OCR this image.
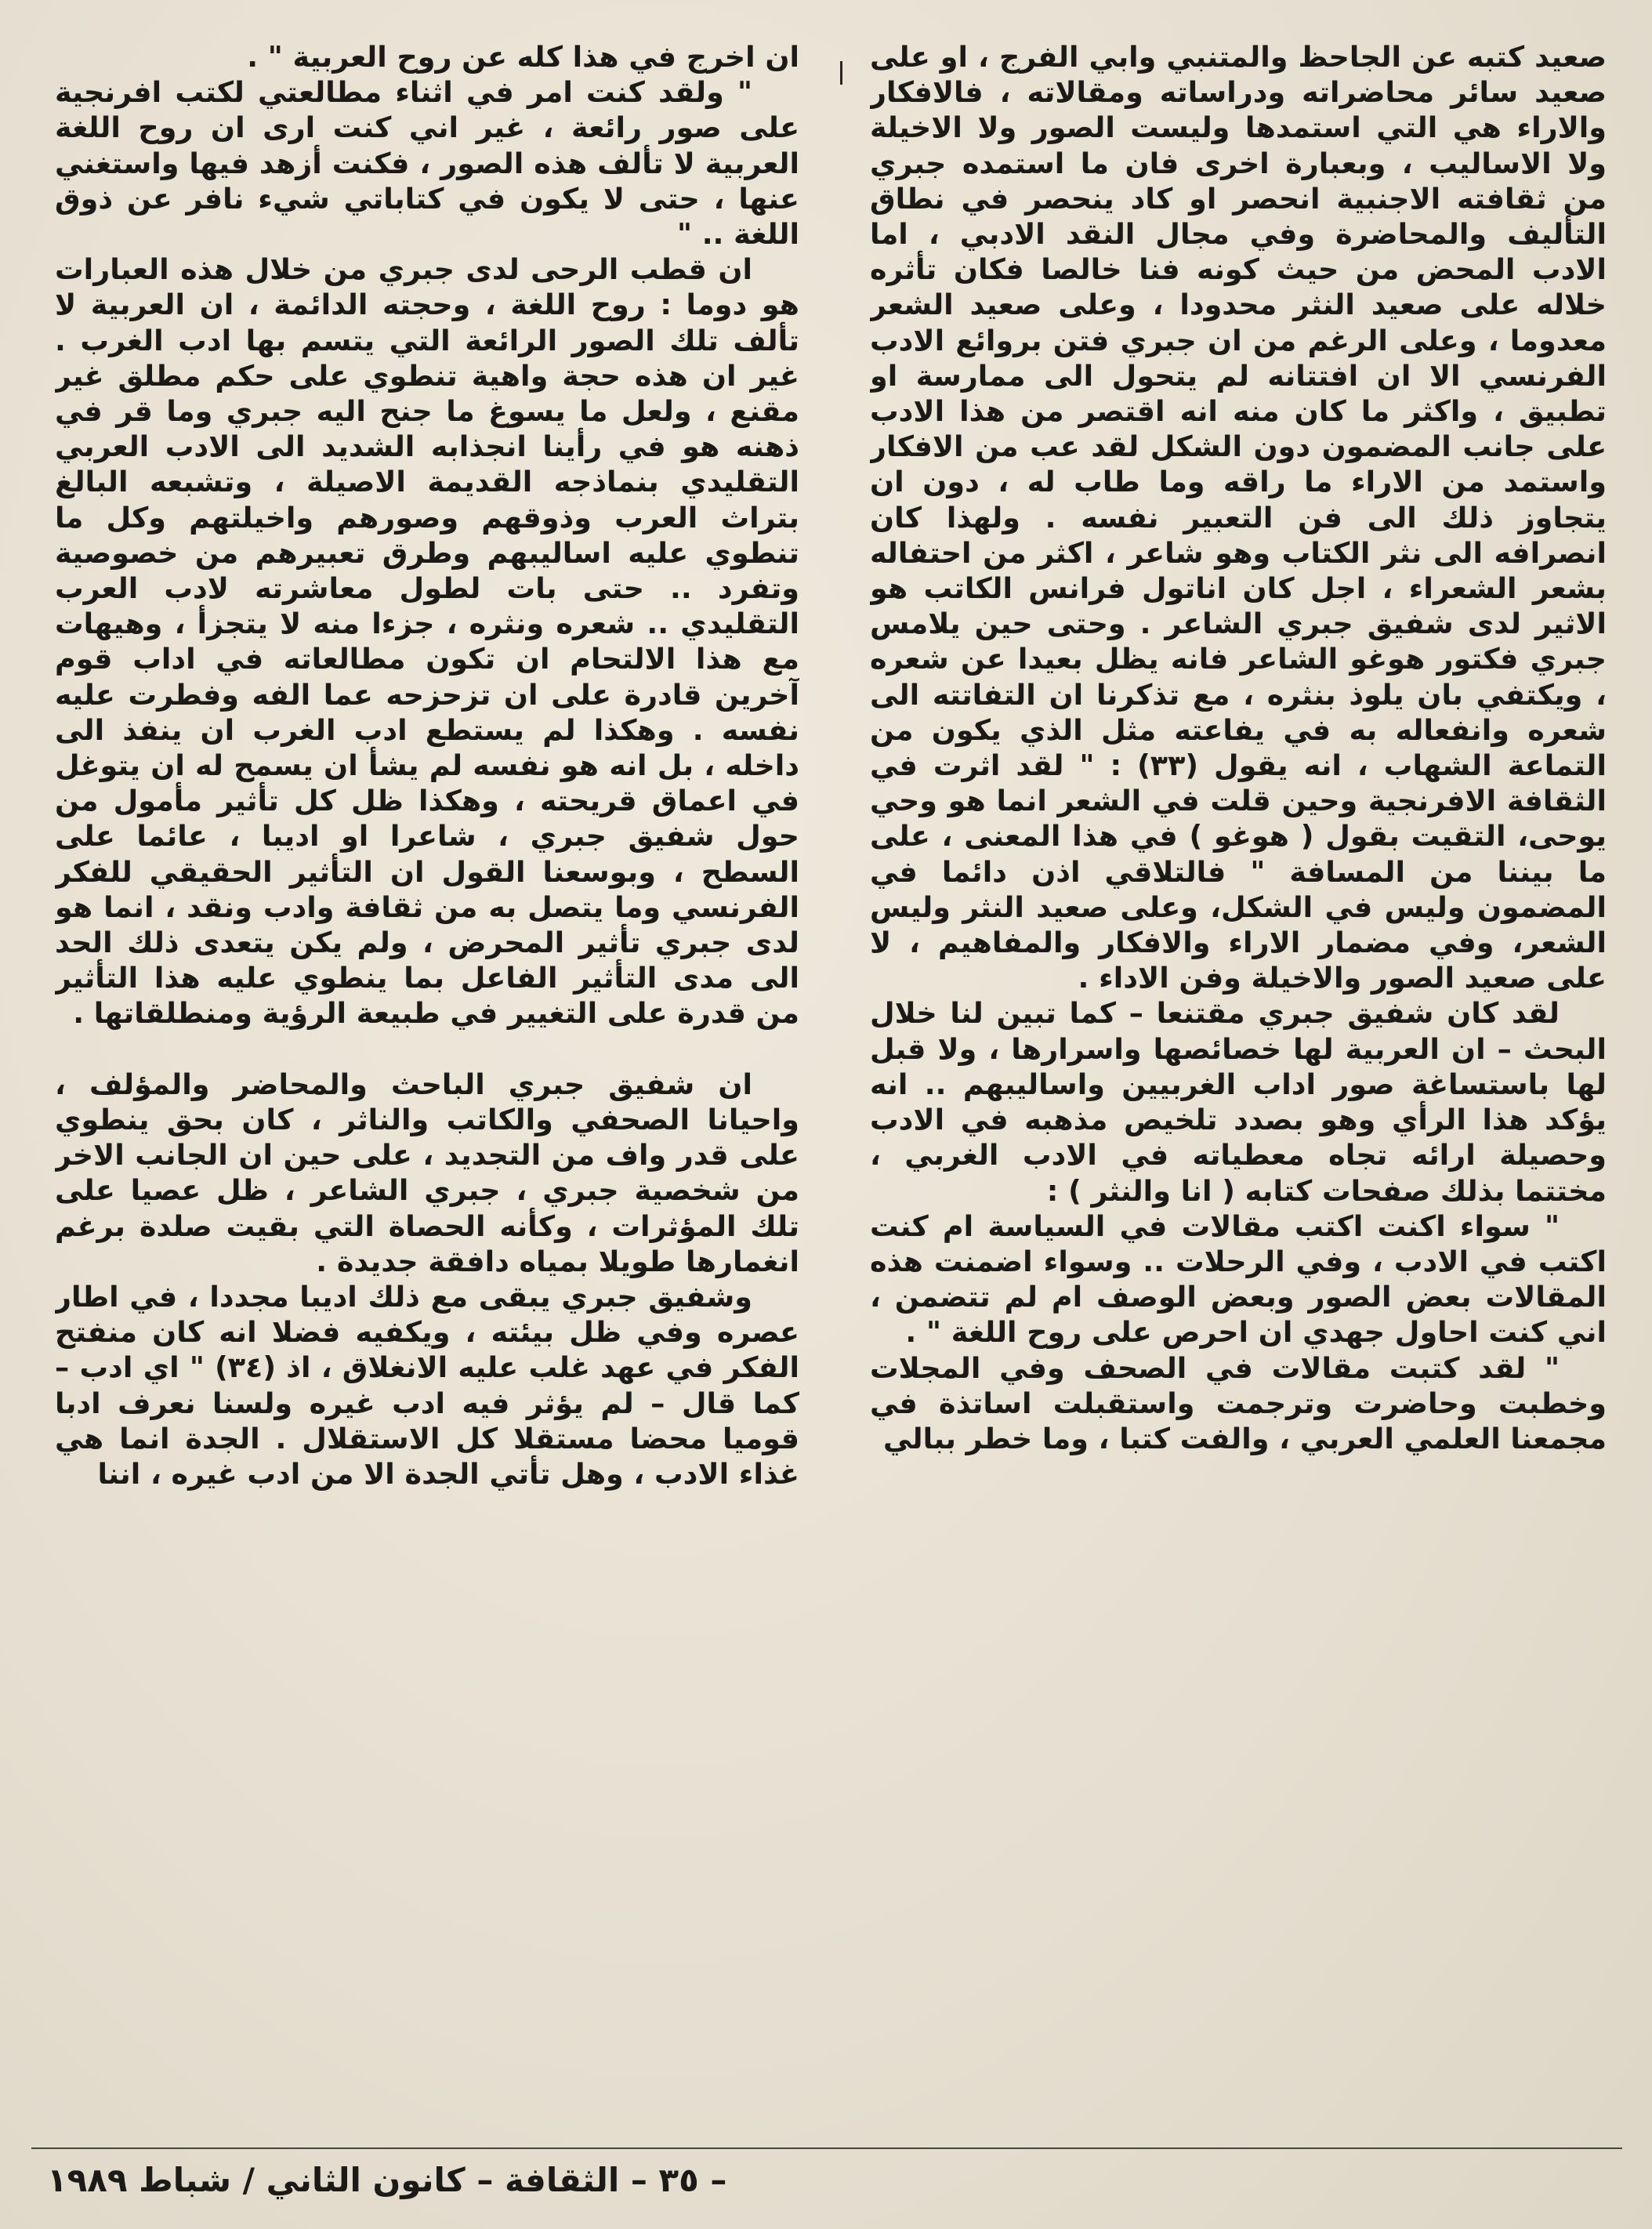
صعيد كتبه عن الجاحظ والمتنبي وابي الفرج ، او على صعيد سائر محاضراته ودراساته ومقالاته ، فالافكار والاراء هي التي استمدها وليست الصور ولا الاخيلة ولا الاساليب ، وبعبارة اخرى فان ما استمده جبري من ثقافته الاجنبية انحصر او كاد ينحصر في نطاق التأليف والمحاضرة وفي مجال النقد الادبي ، اما الادب المحض من حيث كونه فنا خالصا فكان تأثره خلاله على صعيد النثر محدودا ، وعلى صعيد الشعر معدوما ، وعلى الرغم من ان جبري فتن بروائع الادب الفرنسي الا ان افتتانه لم يتحول الى ممارسة او تطبيق ، واكثر ما كان منه انه اقتصر من هذا الادب على جانب المضمون دون الشكل لقد عب من الافكار واستمد من الاراء ما راقه وما طاب له ، دون ان يتجاوز ذلك الى فن التعبير نفسه . ولهذا كان انصرافه الى نثر الكتاب وهو شاعر ، اكثر من احتفاله بشعر الشعراء ، اجل كان اناتول فرانس الكاتب هو الاثير لدى شفيق جبري الشاعر . وحتى حين يلامس جبري فكتور هوغو الشاعر فانه يظل بعيدا عن شعره ، ويكتفي بان يلوذ بنثره ، مع تذكرنا ان التفاتته الى شعره وانفعاله به في يفاعته مثل الذي يكون من التماعة الشهاب ، انه يقول (٣٣) : " لقد اثرت في الثقافة الافرنجية وحين قلت في الشعر انما هو وحي يوحى، التقيت بقول ( هوغو ) في هذا المعنى ، على ما بيننا من المسافة " فالتلاقي اذن دائما في المضمون وليس في الشكل، وعلى صعيد النثر وليس الشعر، وفي مضمار الاراء والافكار والمفاهيم ، لا على صعيد الصور والاخيلة وفن الاداء .

لقد كان شفيق جبري مقتنعا – كما تبين لنا خلال البحث – ان العربية لها خصائصها واسرارها ، ولا قبل لها باستساغة صور اداب الغربيين واساليبهم .. انه يؤكد هذا الرأي وهو بصدد تلخيص مذهبه في الادب وحصيلة ارائه تجاه معطياته في الادب الغربي ، مختتما بذلك صفحات كتابه ( انا والنثر ) :

" سواء اكنت اكتب مقالات في السياسة ام كنت اكتب في الادب ، وفي الرحلات .. وسواء اضمنت هذه المقالات بعض الصور وبعض الوصف ام لم تتضمن ، اني كنت احاول جهدي ان احرص على روح اللغة " .

" لقد كتبت مقالات في الصحف وفي المجلات وخطبت وحاضرت وترجمت واستقبلت اساتذة في مجمعنا العلمي العربي ، والفت كتبا ، وما خطر ببالي

ان اخرج في هذا كله عن روح العربية " .

" ولقد كنت امر في اثناء مطالعتي لكتب افرنجية على صور رائعة ، غير اني كنت ارى ان روح اللغة العربية لا تألف هذه الصور ، فكنت أزهد فيها واستغني عنها ، حتى لا يكون في كتاباتي شيء نافر عن ذوق اللغة .. "

ان قطب الرحى لدى جبري من خلال هذه العبارات هو دوما : روح اللغة ، وحجته الدائمة ، ان العربية لا تألف تلك الصور الرائعة التي يتسم بها ادب الغرب . غير ان هذه حجة واهية تنطوي على حكم مطلق غير مقنع ، ولعل ما يسوغ ما جنح اليه جبري وما قر في ذهنه هو في رأينا انجذابه الشديد الى الادب العربي التقليدي بنماذجه القديمة الاصيلة ، وتشبعه البالغ بتراث العرب وذوقهم وصورهم واخيلتهم وكل ما تنطوي عليه اساليبهم وطرق تعبيرهم من خصوصية وتفرد .. حتى بات لطول معاشرته لادب العرب التقليدي .. شعره ونثره ، جزءا منه لا يتجزأ ، وهيهات مع هذا الالتحام ان تكون مطالعاته في اداب قوم آخرين قادرة على ان تزحزحه عما الفه وفطرت عليه نفسه . وهكذا لم يستطع ادب الغرب ان ينفذ الى داخله ، بل انه هو نفسه لم يشأ ان يسمح له ان يتوغل في اعماق قريحته ، وهكذا ظل كل تأثير مأمول من حول شفيق جبري ، شاعرا او اديبا ، عائما على السطح ، وبوسعنا القول ان التأثير الحقيقي للفكر الفرنسي وما يتصل به من ثقافة وادب ونقد ، انما هو لدى جبري تأثير المحرض ، ولم يكن يتعدى ذلك الحد الى مدى التأثير الفاعل بما ينطوي عليه هذا التأثير من قدرة على التغيير في طبيعة الرؤية ومنطلقاتها .

ان شفيق جبري الباحث والمحاضر والمؤلف ، واحيانا الصحفي والكاتب والناثر ، كان بحق ينطوي على قدر واف من التجديد ، على حين ان الجانب الاخر من شخصية جبري ، جبري الشاعر ، ظل عصيا على تلك المؤثرات ، وكأنه الحصاة التي بقيت صلدة برغم انغمارها طويلا بمياه دافقة جديدة .

وشفيق جبري يبقى مع ذلك اديبا مجددا ، في اطار عصره وفي ظل بيئته ، ويكفيه فضلا انه كان منفتح الفكر في عهد غلب عليه الانغلاق ، اذ (٣٤) " اي ادب – كما قال – لم يؤثر فيه ادب غيره ولسنا نعرف ادبا قوميا محضا مستقلا كل الاستقلال . الجدة انما هي غذاء الادب ، وهل تأتي الجدة الا من ادب غيره ، اننا

– ٣٥ – الثقافة – كانون الثاني / شباط ١٩٨٩
